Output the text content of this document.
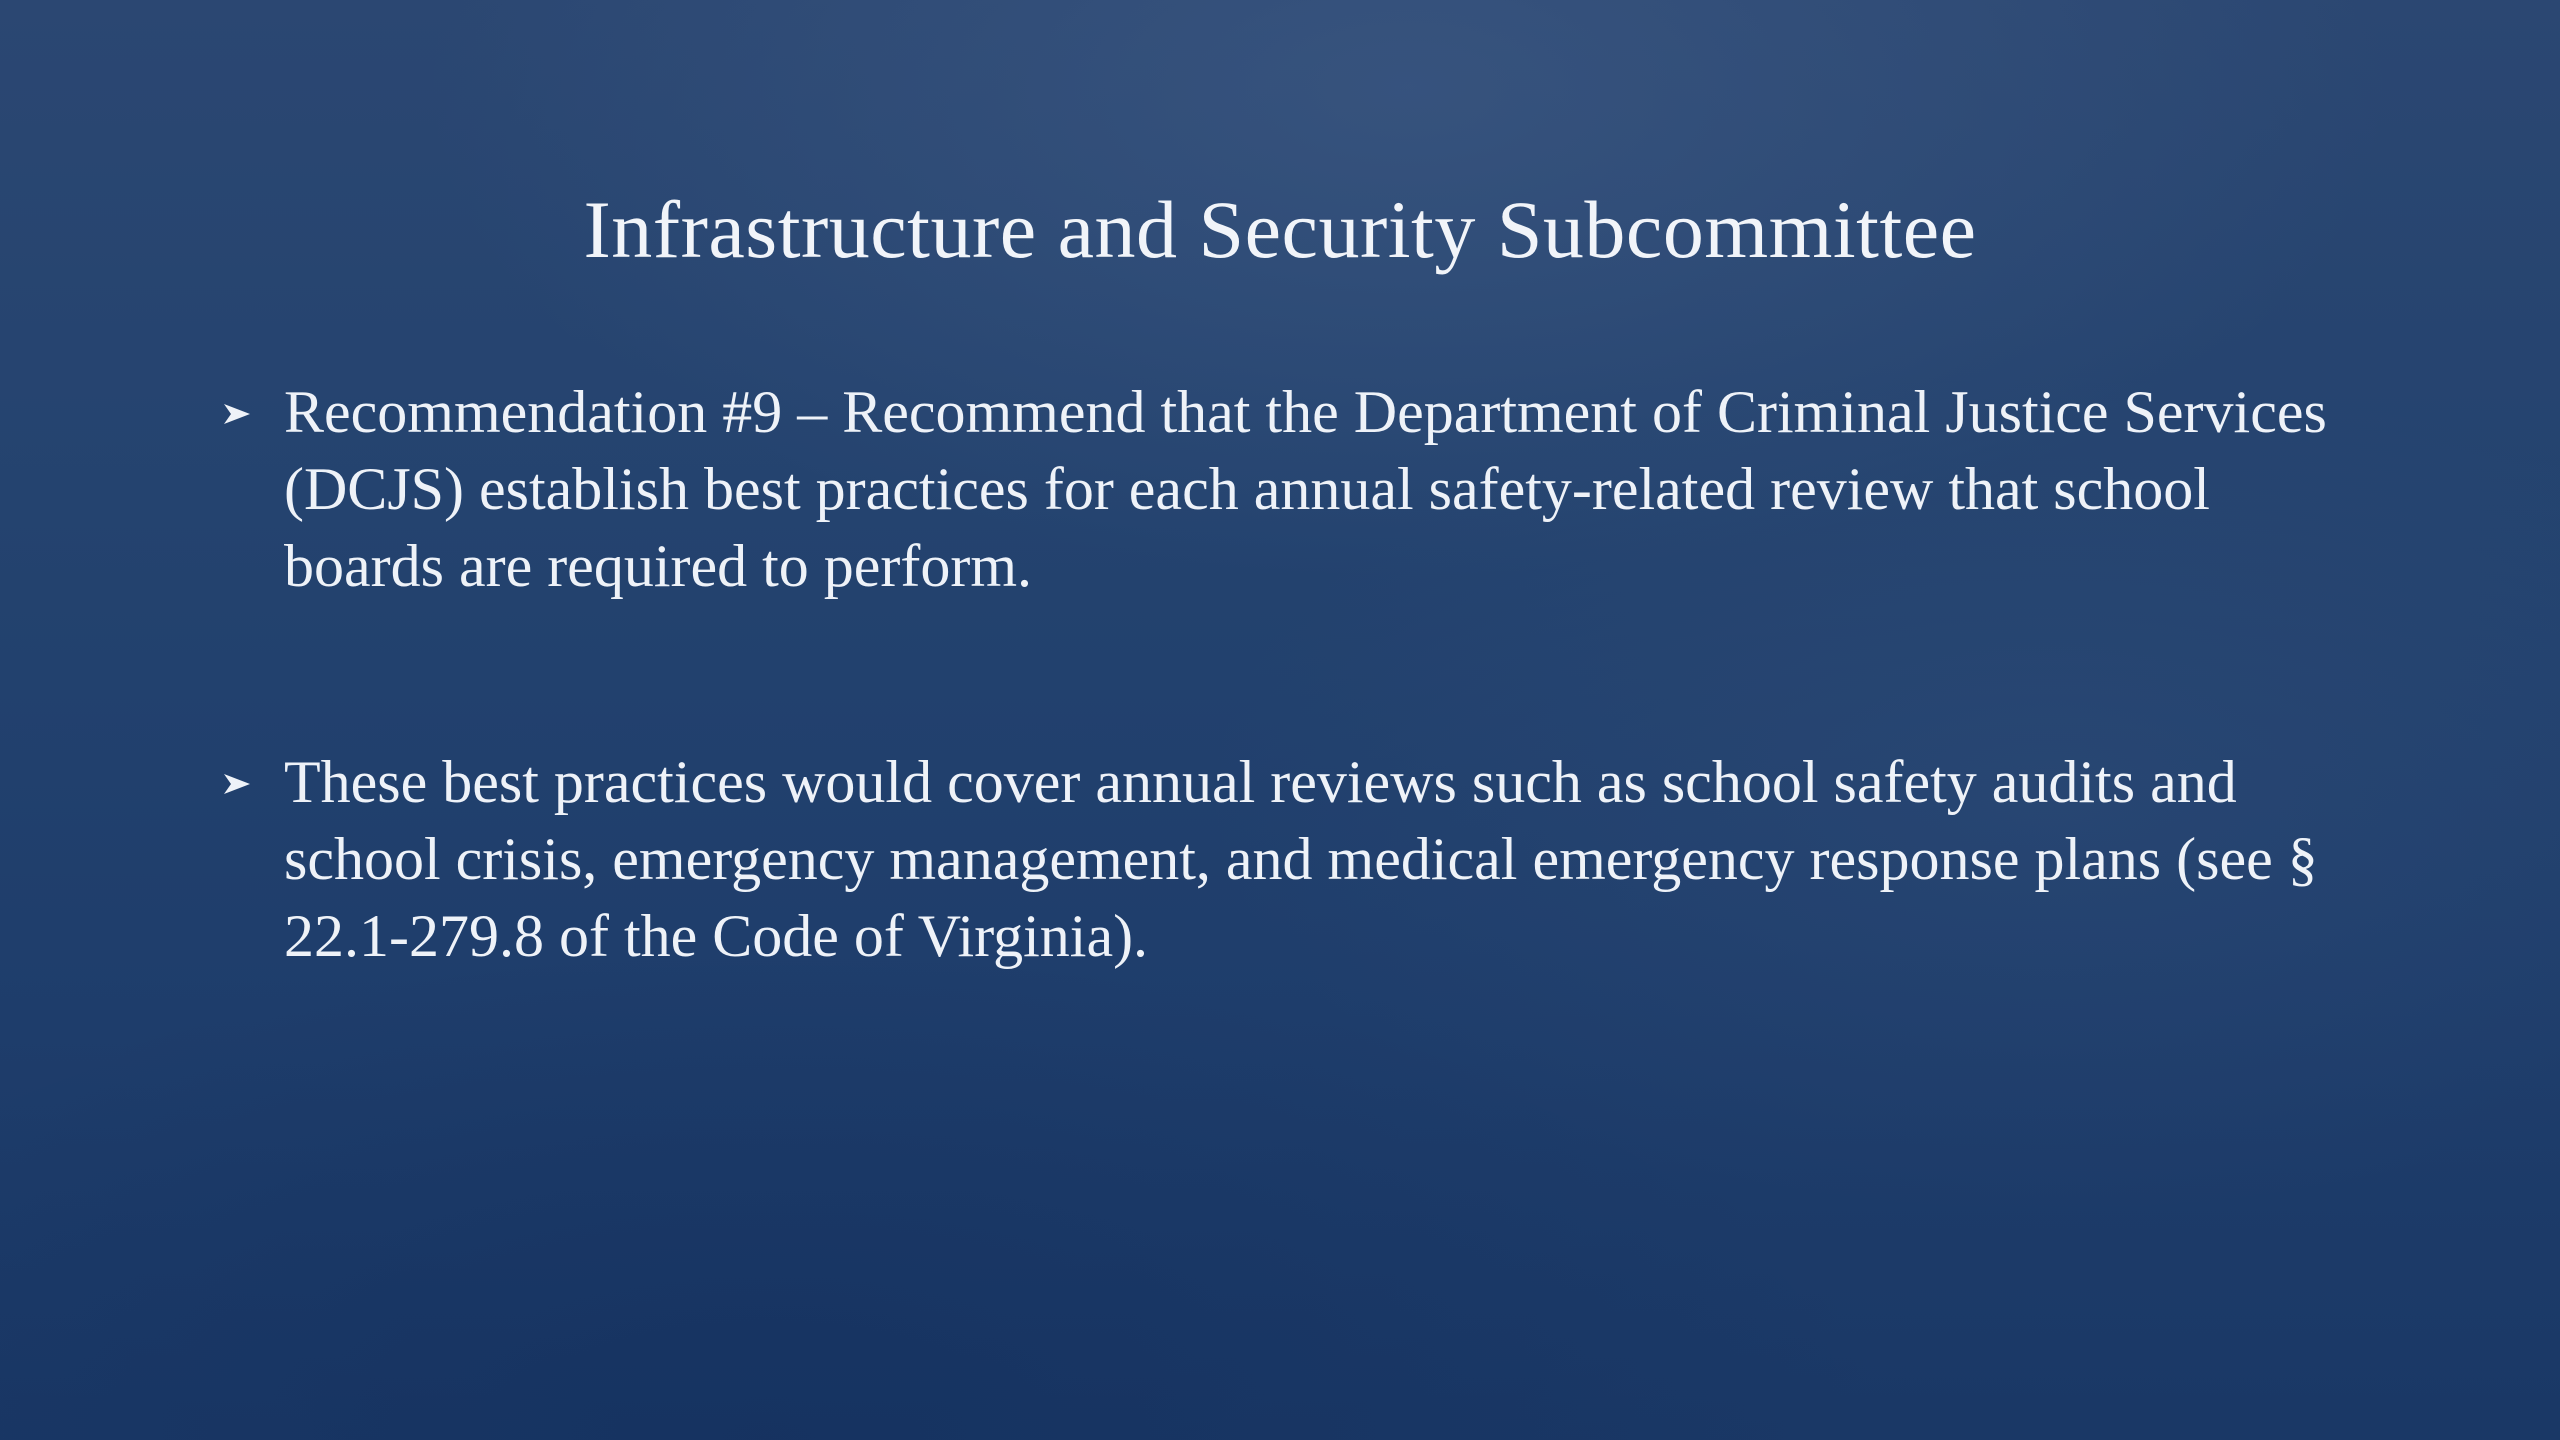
Infrastructure and Security Subcommittee
Recommendation #9 – Recommend that the Department of Criminal Justice Services (DCJS) establish best practices for each annual safety-related review that school boards are required to perform.
These best practices would cover annual reviews such as school safety audits and school crisis, emergency management, and medical emergency response plans (see § 22.1-279.8 of the Code of Virginia).
